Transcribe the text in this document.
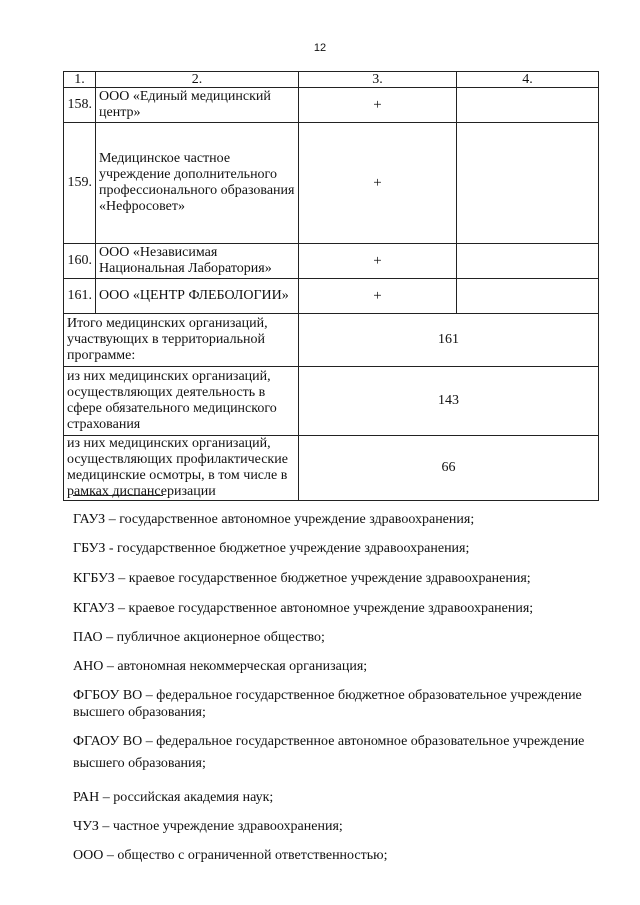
12
1.	2.	3.	4.
158.	ООО «Единый медицинский центр»	+	
159.	Медицинское частное учреждение дополнительного профессионального образования «Нефросовет»	+	
160.	ООО «Независимая Национальная Лаборатория»	+	
161.	ООО «ЦЕНТР ФЛЕБОЛОГИИ»	+	
Итого медицинских организаций, участвующих в территориальной программе:		161	
из них медицинских организаций, осуществляющих деятельность в сфере обязательного медицинского страхования		143	
из них медицинских организаций, осуществляющих профилактические медицинские осмотры, в том числе в рамках диспансеризации		66	

ГАУЗ – государственное автономное учреждение здравоохранения;

ГБУЗ - государственное бюджетное учреждение здравоохранения;

КГБУЗ – краевое государственное бюджетное учреждение здравоохранения;

КГАУЗ – краевое государственное автономное учреждение здравоохранения;

ПАО – публичное акционерное общество;

АНО – автономная некоммерческая организация;

ФГБОУ ВО – федеральное государственное бюджетное образовательное учреждение высшего образования;

ФГАОУ ВО – федеральное государственное автономное образовательное учреждение высшего образования;

РАН – российская академия наук;

ЧУЗ – частное учреждение здравоохранения;

ООО – общество с ограниченной ответственностью;
